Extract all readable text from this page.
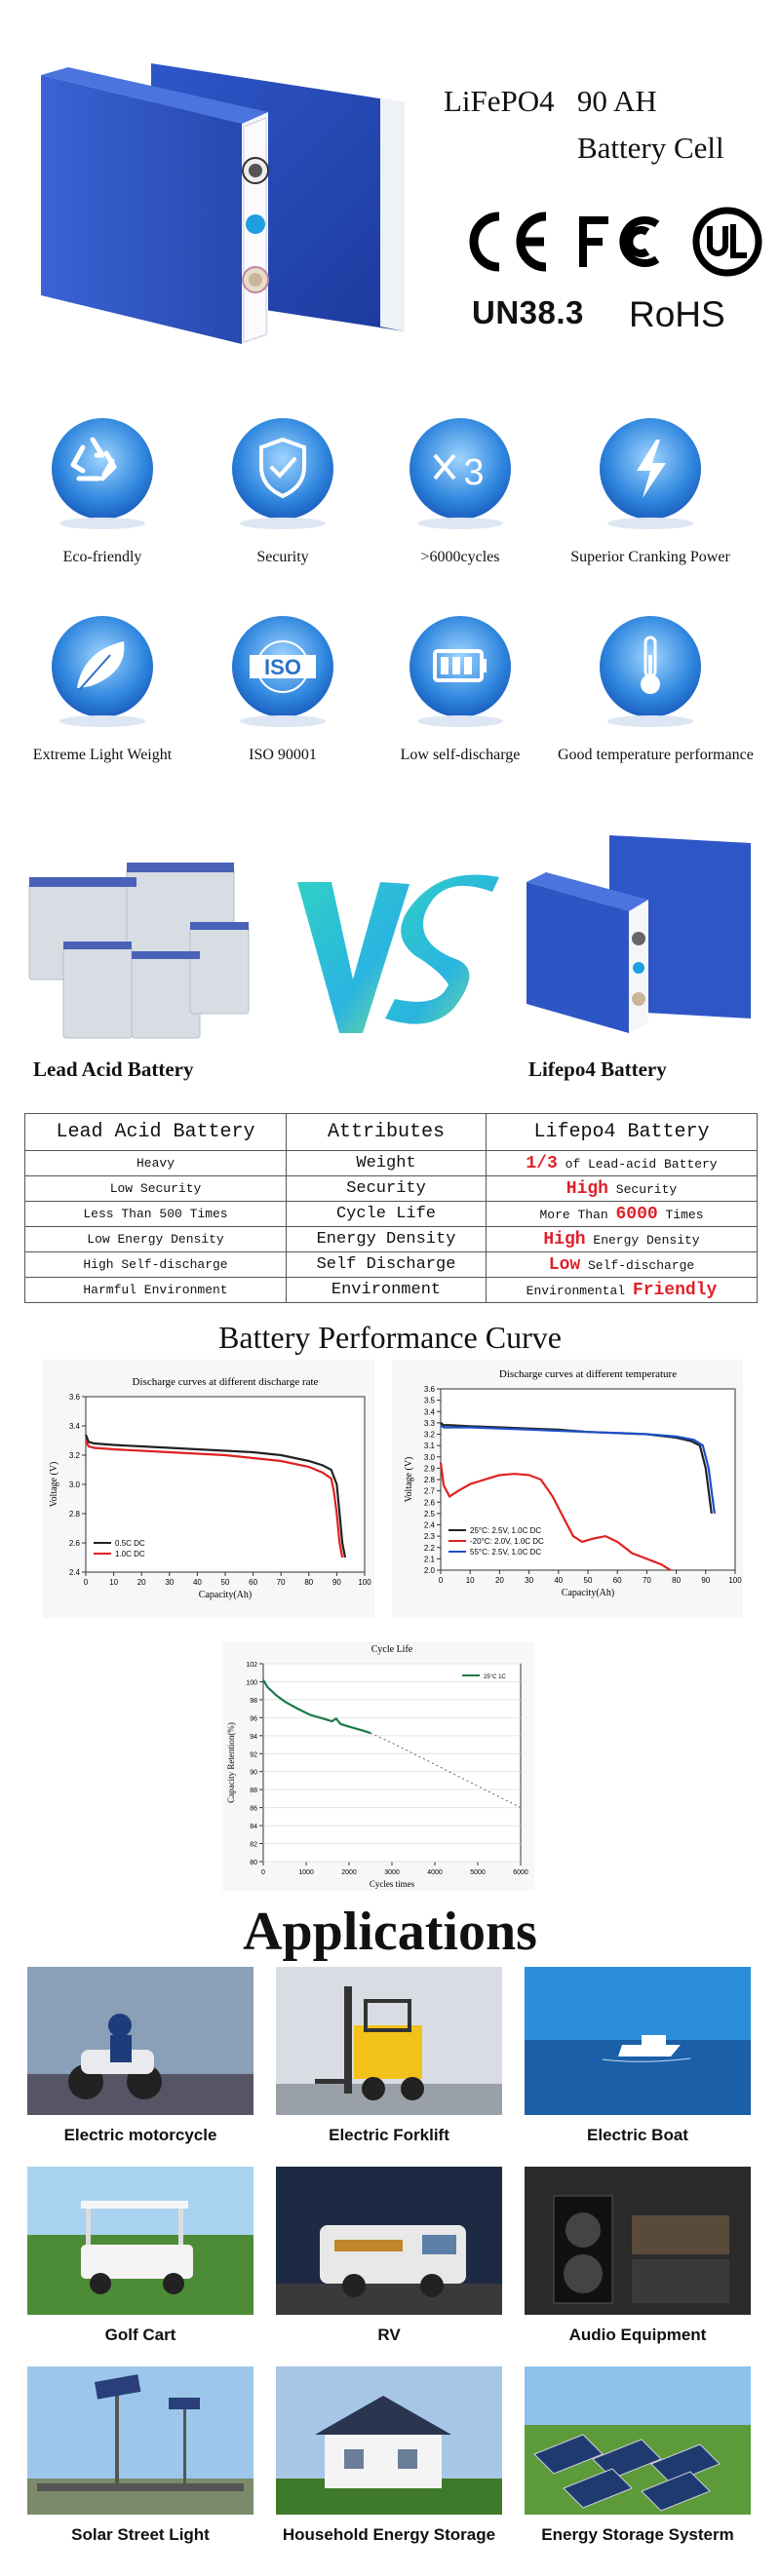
LiFePO4   90 AH
Battery Cell
UN38.3 RoHS
Eco-friendly	Security
3
>6000cycles	Superior Cranking Power
Extreme Light Weight
ISO
ISO 90001	Low self-discharge	Good temperature performance
Lead Acid Battery	Lifepo4 Battery
Lead Acid Battery	Attributes	Lifepo4 Battery
Heavy	Weight	1/3 of Lead-acid Battery
Low Security	Security	High Security
Less Than 500 Times	Cycle Life	More Than 6000 Times
Low Energy Density	Energy Density	High Energy Density
High Self-discharge	Self Discharge	Low Self-discharge
Harmful Environment	Environment	Environmental Friendly
Battery Performance Curve
Discharge curves at different discharge rate
0	10 20 30 40 50 60 70 80 90 100
2.4
2.6
2.8
3.0
3.2
3.4
3.6
Capacity(Ah)
Voltage (V)
0.5C DC
1.0C DC
Discharge curves at different temperature
0	10	20	30	40	50	60	70	80	90 100
2.0
2.1
2.2
2.3
2.4
2.5
2.6
2.7
2.8
2.9
3.0
3.1
3.2
3.3
3.4
3.5
3.6
Capacity(Ah)
Voltage (V)
25°C: 2.5V, 1.0C DC
-20°C: 2.0V, 1.0C DC
55°C: 2.5V, 1.0C DC
Cycle Life
0	1000	2000	3000	4000	5000	6000
80
82
84
86
88
90
92
94
96
98
100
102
Cycles times
Capacity Retention(%)
25°C 1C
Applications
Electric motorcycle	Electric Forklift	Electric Boat
Golf Cart	RV	Audio Equipment
Solar Street Light	Household Energy Storage	Energy Storage Systerm
